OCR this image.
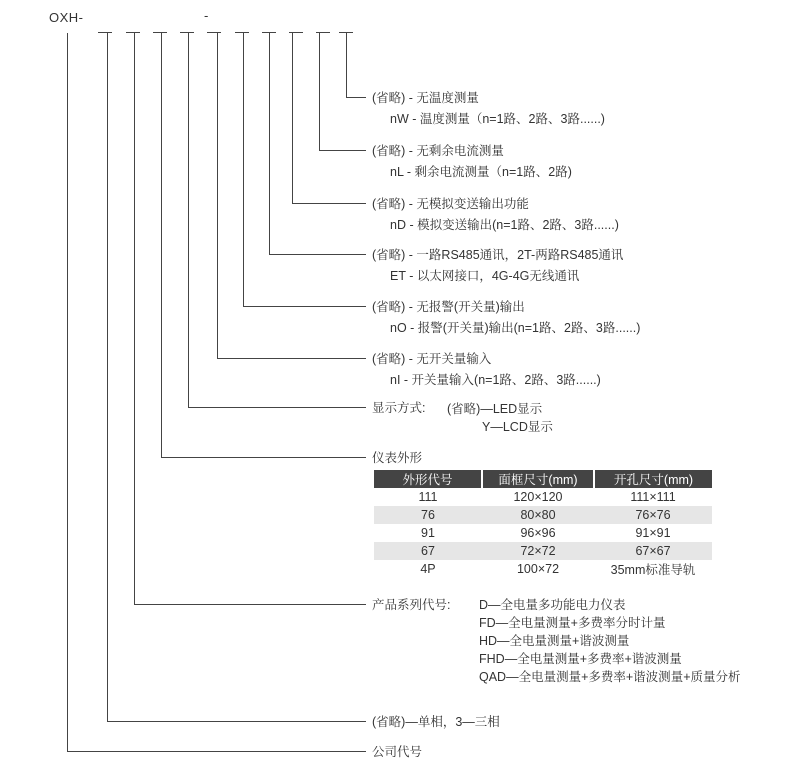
OXH-	-
(省略) - 无温度测量
nW - 温度测量（n=1路、2路、3路......)
(省略) - 无剩余电流测量
nL - 剩余电流测量（n=1路、2路)
(省略) - 无模拟变送输出功能
nD - 模拟变送输出(n=1路、2路、3路......)
(省略) - 一路RS485通讯，2T-两路RS485通讯
ET - 以太网接口，4G-4G无线通讯
(省略) - 无报警(开关量)输出
nO - 报警(开关量)输出(n=1路、2路、3路......)
(省略) - 无开关量输入
nI - 开关量输入(n=1路、2路、3路......)
显示方式: (省略)—LED显示
Y—LCD显示
仪表外形
外形代号	面框尺寸(mm)	开孔尺寸(mm)
111	120×120	111×111
76	80×80	76×76
91	96×96	91×91
67	72×72	67×67
4P	100×72	35mm标准导轨
产品系列代号: D—全电量多功能电力仪表
FD—全电量测量+多费率分时计量
HD—全电量测量+谐波测量
FHD—全电量测量+多费率+谐波测量
QAD—全电量测量+多费率+谐波测量+质量分析
(省略)—单相，3—三相
公司代号
